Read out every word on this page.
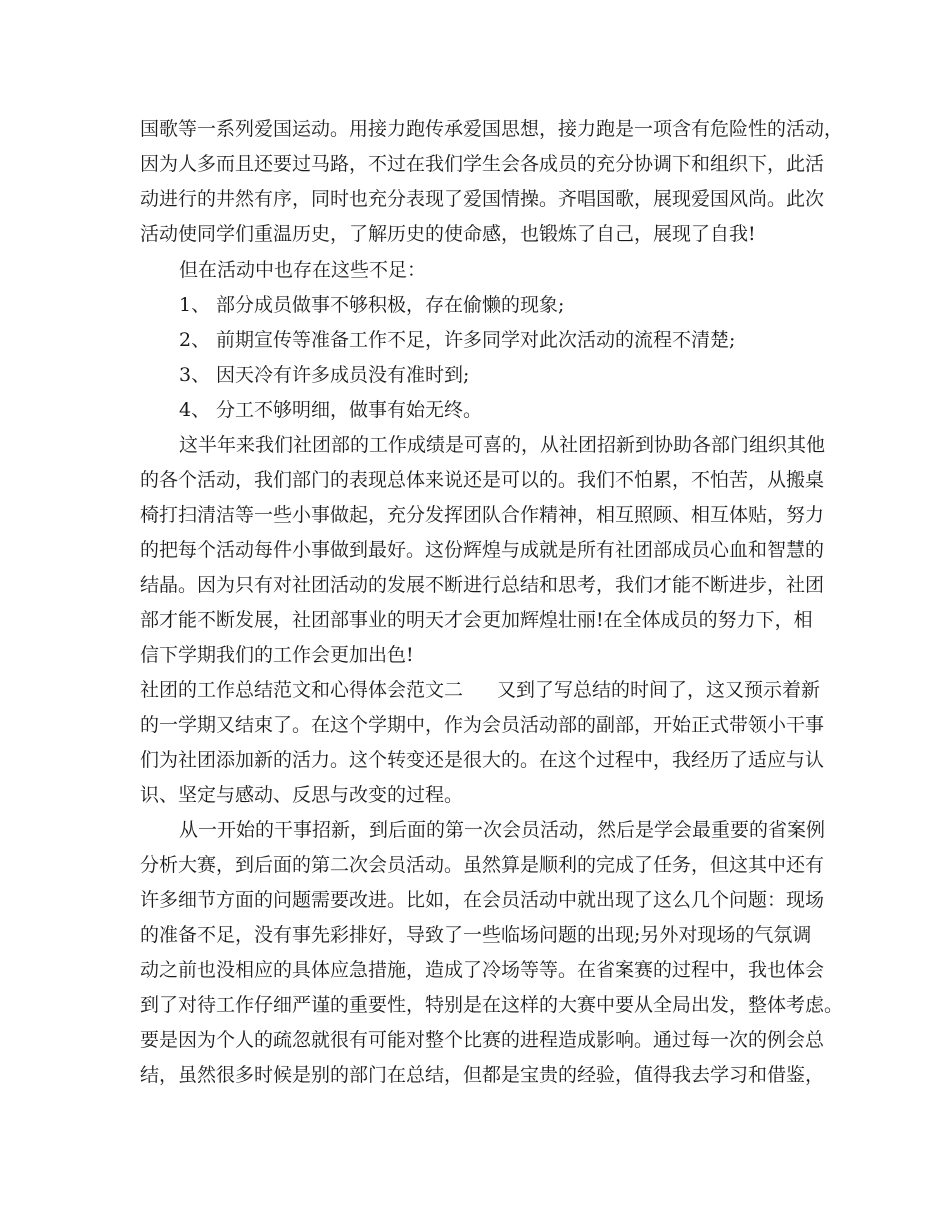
国歌等一系列爱国运动。用接力跑传承爱国思想，接力跑是一项含有危险性的活动，
因为人多而且还要过马路，不过在我们学生会各成员的充分协调下和组织下，此活
动进行的井然有序，同时也充分表现了爱国情操。齐唱国歌，展现爱国风尚。此次
活动使同学们重温历史，了解历史的使命感，也锻炼了自己，展现了自我!
但在活动中也存在这些不足：
1、 部分成员做事不够积极，存在偷懒的现象;
2、 前期宣传等准备工作不足，许多同学对此次活动的流程不清楚;
3、 因天冷有许多成员没有准时到;
4、 分工不够明细，做事有始无终。
这半年来我们社团部的工作成绩是可喜的，从社团招新到协助各部门组织其他
的各个活动，我们部门的表现总体来说还是可以的。我们不怕累，不怕苦，从搬桌
椅打扫清洁等一些小事做起，充分发挥团队合作精神，相互照顾、相互体贴，努力
的把每个活动每件小事做到最好。这份辉煌与成就是所有社团部成员心血和智慧的
结晶。因为只有对社团活动的发展不断进行总结和思考，我们才能不断进步，社团
部才能不断发展，社团部事业的明天才会更加辉煌壮丽!在全体成员的努力下，相
信下学期我们的工作会更加出色!
社团的工作总结范文和心得体会范文二 又到了写总结的时间了，这又预示着新
的一学期又结束了。在这个学期中，作为会员活动部的副部，开始正式带领小干事
们为社团添加新的活力。这个转变还是很大的。在这个过程中，我经历了适应与认
识、坚定与感动、反思与改变的过程。
从一开始的干事招新，到后面的第一次会员活动，然后是学会最重要的省案例
分析大赛，到后面的第二次会员活动。虽然算是顺利的完成了任务，但这其中还有
许多细节方面的问题需要改进。比如，在会员活动中就出现了这么几个问题：现场
的准备不足，没有事先彩排好，导致了一些临场问题的出现;另外对现场的气氛调
动之前也没相应的具体应急措施，造成了冷场等等。在省案赛的过程中，我也体会
到了对待工作仔细严谨的重要性，特别是在这样的大赛中要从全局出发，整体考虑。
要是因为个人的疏忽就很有可能对整个比赛的进程造成影响。通过每一次的例会总
结，虽然很多时候是别的部门在总结，但都是宝贵的经验，值得我去学习和借鉴，
